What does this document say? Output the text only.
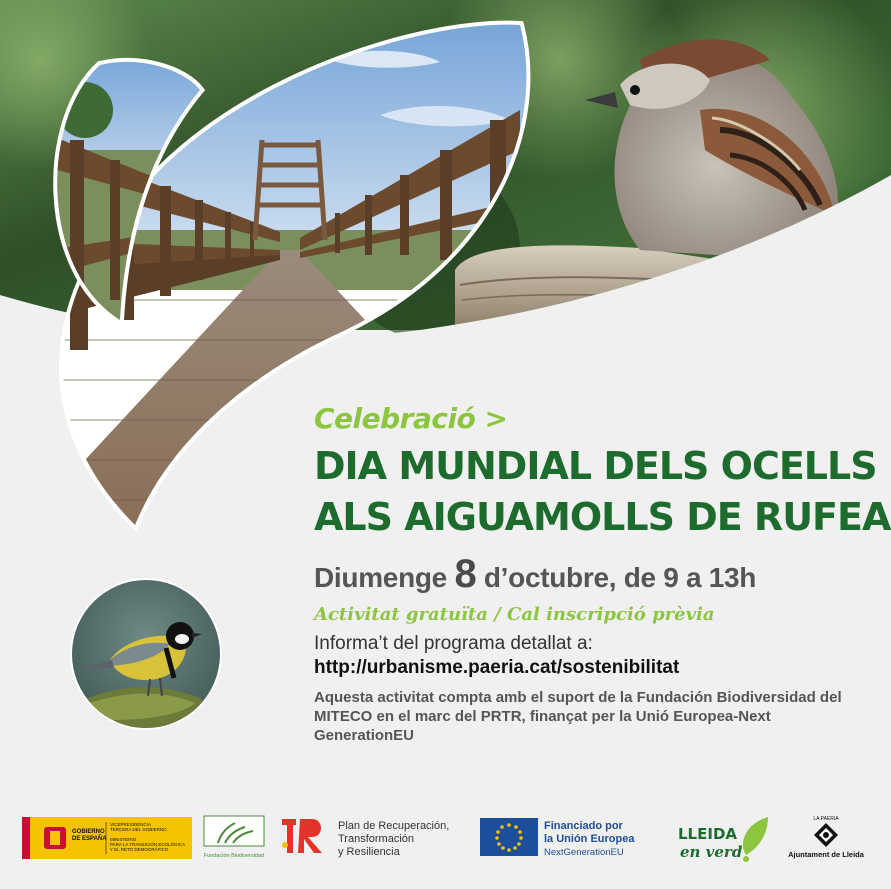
Celebració >

DIA MUNDIAL DELS OCELLS

ALS AIGUAMOLLS DE RUFEA

Diumenge 8 d’octubre, de 9 a 13h

Activitat gratuïta / Cal inscripció prèvia

Informa’t del programa detallat a:

http://urbanisme.paeria.cat/sostenibilitat

Aquesta activitat compta amb el suport de la Fundación Biodiversidad del MITECO en el marc del PRTR, finançat per la Unió Europea-Next GenerationEU

GOBIERNO
DE ESPAÑA
VICEPRESIDENCIA
TERCERA DEL GOBIERNO
MINISTERIO
PARA LA TRANSICIÓN ECOLÓGICA
Y EL RETO DEMOGRÁFICO
Fundación Biodiversidad
Plan de Recuperación,
Transformación
y Resiliencia
Financiado por
la Unión Europea
NextGenerationEU
LLEIDA
en verd
LA PAERIA
Ajuntament de Lleida
